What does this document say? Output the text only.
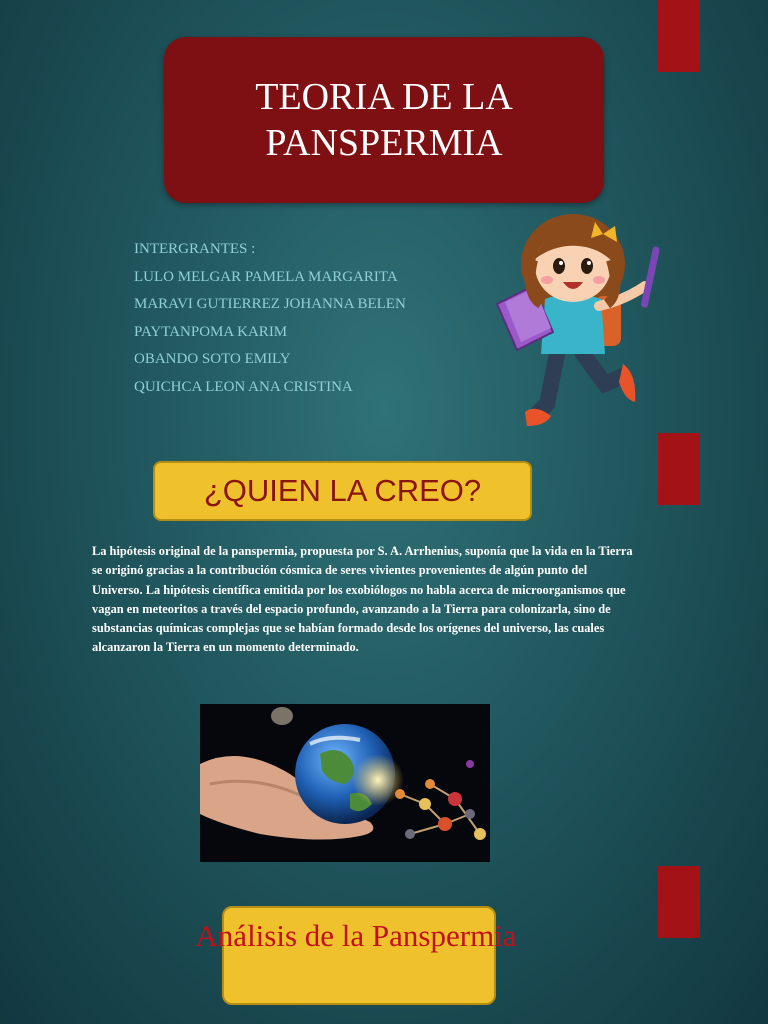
TEORIA DE LA
PANSPERMIA
INTERGRANTES :
LULO MELGAR PAMELA MARGARITA
MARAVI GUTIERREZ JOHANNA BELEN
PAYTANPOMA KARIM
OBANDO SOTO EMILY
QUICHCA LEON ANA CRISTINA
¿QUIEN LA CREO?
La hipótesis original de la panspermia, propuesta por S. A. Arrhenius, suponía que la vida en la Tierra se originó gracias a la contribución cósmica de seres vivientes provenientes de algún punto del Universo. La hipótesis científica emitida por los exobiólogos no habla acerca de microorganismos que vagan en meteoritos a través del espacio profundo, avanzando a la Tierra para colonizarla, sino de substancias químicas complejas que se habían formado desde los orígenes del universo, las cuales alcanzaron la Tierra en un momento determinado.
Análisis de la Panspermia
